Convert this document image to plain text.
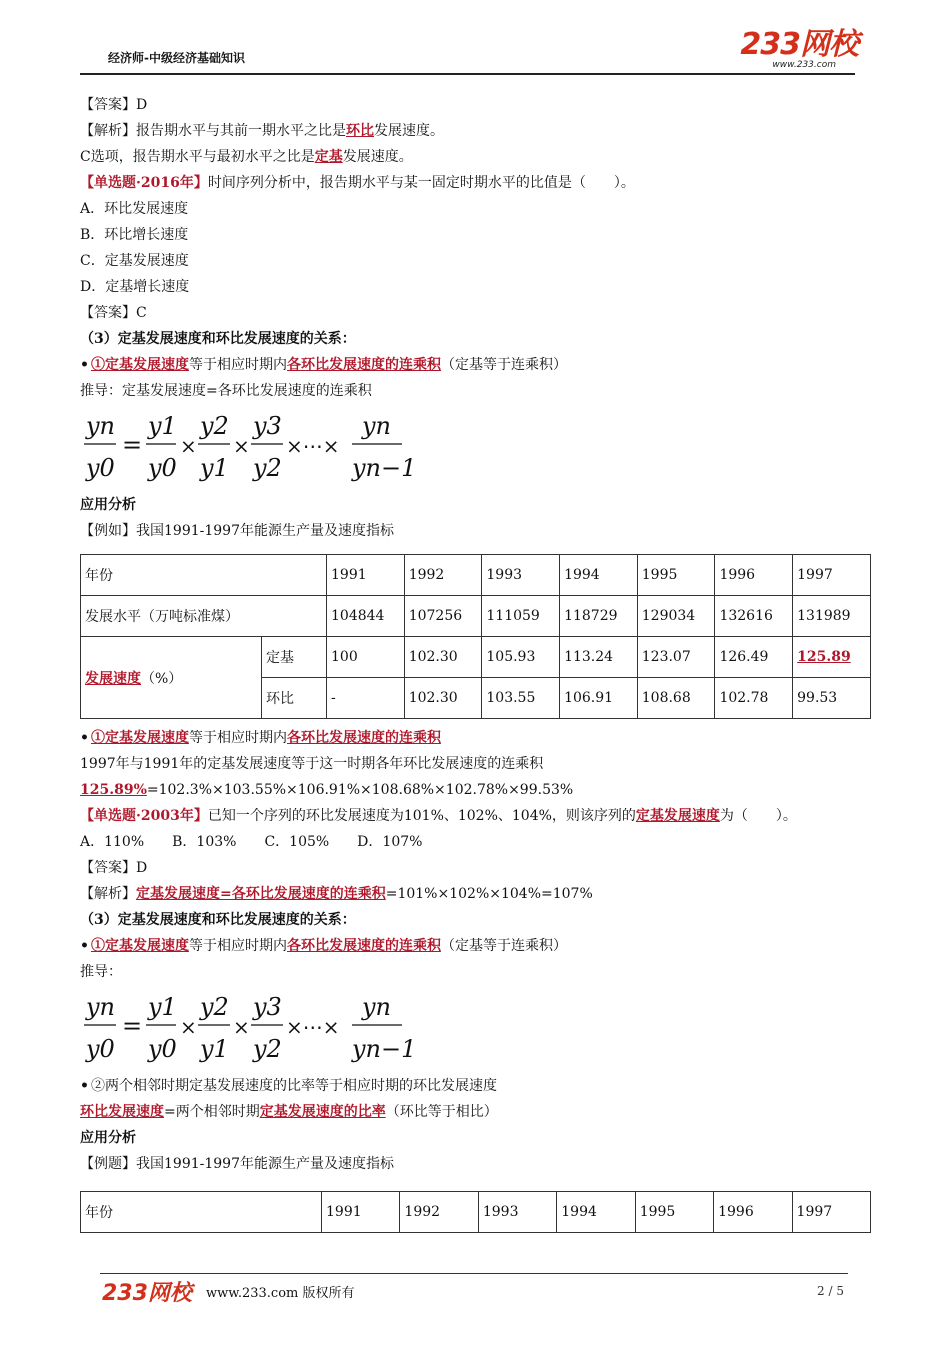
经济师-中级经济基础知识	233网校
www.233.com
【答案】D
【解析】报告期水平与其前一期水平之比是环比发展速度。
C选项，报告期水平与最初水平之比是定基发展速度。
【单选题·2016年】时间序列分析中，报告期水平与某一固定时期水平的比值是（　　）。
A．环比发展速度
B．环比增长速度
C．定基发展速度
D．定基增长速度
【答案】C
（3）定基发展速度和环比发展速度的关系：
• ①定基发展速度等于相应时期内各环比发展速度的连乘积（定基等于连乘积）
推导：定基发展速度=各环比发展速度的连乘积
yn
y0
=
y1
y0
×
y2
y1
×
y3
y2
×⋯×
yn
yn−1
应用分析
【例如】我国1991-1997年能源生产量及速度指标
年份		1991	1992	1993	1994	1995	1996	1997
发展水平（万吨标准煤）		104844	107256	111059	118729	129034	132616	131989
发展速度（%）	定基	100	102.30	105.93	113.24	123.07	126.49	125.89
	环比	-	102.30	103.55	106.91	108.68	102.78	99.53
• ①定基发展速度等于相应时期内各环比发展速度的连乘积
1997年与1991年的定基发展速度等于这一时期各年环比发展速度的连乘积
125.89%=102.3%×103.55%×106.91%×108.68%×102.78%×99.53%
【单选题·2003年】已知一个序列的环比发展速度为101%、102%、104%，则该序列的定基发展速度为（　　）。
A．110%　　B．103%　　C．105%　　D．107%
【答案】D
【解析】定基发展速度=各环比发展速度的连乘积=101%×102%×104%=107%
（3）定基发展速度和环比发展速度的关系：
• ①定基发展速度等于相应时期内各环比发展速度的连乘积（定基等于连乘积）
推导：
yn
y0
=
y1
y0
×
y2
y1
×
y3
y2
×⋯×
yn
yn−1
• ②两个相邻时期定基发展速度的比率等于相应时期的环比发展速度
环比发展速度=两个相邻时期定基发展速度的比率（环比等于相比）
应用分析
【例题】我国1991-1997年能源生产量及速度指标
年份	1991	1992	1993	1994	1995	1996	1997
233网校 www.233.com 版权所有	2 / 5
